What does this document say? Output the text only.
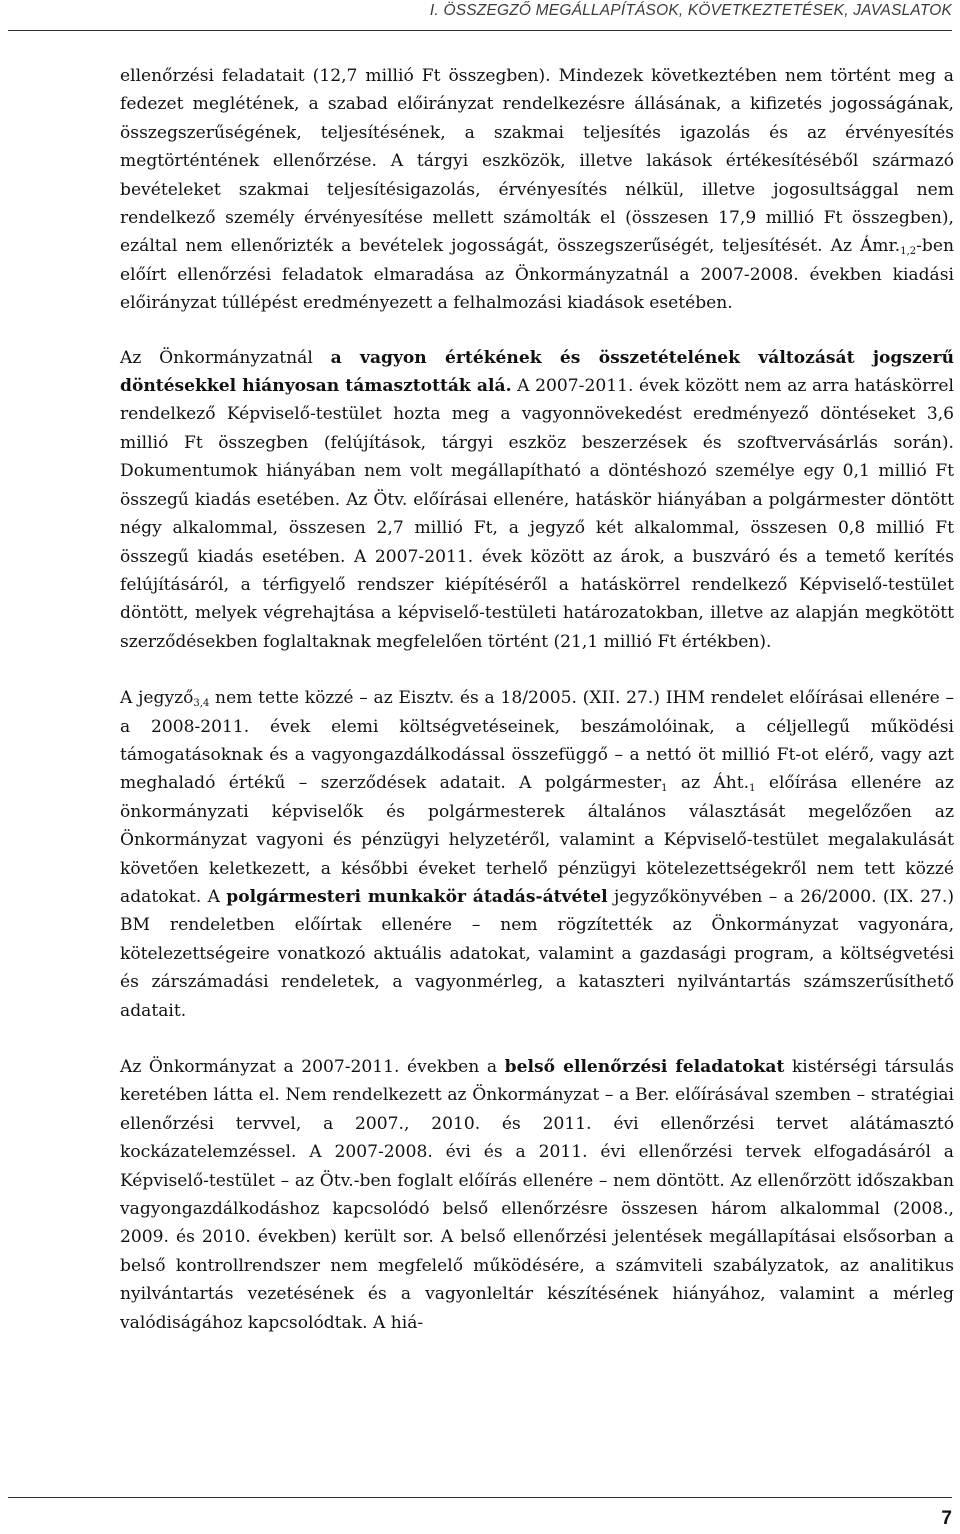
I. ÖSSZEGZŐ MEGÁLLAPÍTÁSOK, KÖVETKEZTETÉSEK, JAVASLATOK

ellenőrzési feladatait (12,7 millió Ft összegben). Mindezek következtében nem történt meg a fedezet meglétének, a szabad előirányzat rendelkezésre állásának, a kifizetés jogosságának, összegszerűségének, teljesítésének, a szakmai teljesítés igazolás és az érvényesítés megtörténtének ellenőrzése. A tárgyi eszközök, illetve lakások értékesítéséből származó bevételeket szakmai teljesítésigazolás, érvényesítés nélkül, illetve jogosultsággal nem rendelkező személy érvényesítése mellett számolták el (összesen 17,9 millió Ft összegben), ezáltal nem ellenőrizték a bevételek jogosságát, összegszerűségét, teljesítését. Az $Ámr._{1,2}$-ben előírt ellenőrzési feladatok elmaradása az Önkormányzatnál a 2007-2008. években kiadási előirányzat túllépést eredményezett a felhalmozási kiadások esetében.

Az Önkormányzatnál a vagyon értékének és összetételének változását jogszerű döntésekkel hiányosan támasztották alá. A 2007-2011. évek között nem az arra hatáskörrel rendelkező Képviselő-testület hozta meg a vagyonnövekedést eredményező döntéseket 3,6 millió Ft összegben (felújítások, tárgyi eszköz beszerzések és szoftvervásárlás során). Dokumentumok hiányában nem volt megállapítható a döntéshozó személye egy 0,1 millió Ft összegű kiadás esetében. Az Ötv. előírásai ellenére, hatáskör hiányában a polgármester döntött négy alkalommal, összesen 2,7 millió Ft, a jegyző két alkalommal, összesen 0,8 millió Ft összegű kiadás esetében. A 2007-2011. évek között az árok, a buszváró és a temető kerítés felújításáról, a térfigyelő rendszer kiépítéséről a hatáskörrel rendelkező Képviselő-testület döntött, melyek végrehajtása a képviselő-testületi határozatokban, illetve az alapján megkötött szerződésekben foglaltaknak megfelelően történt (21,1 millió Ft értékben).

A jegyző$_{3,4}$ nem tette közzé – az Eisztv. és a 18/2005. (XII. 27.) IHM rendelet előírásai ellenére – a 2008-2011. évek elemi költségvetéseinek, beszámolóinak, a céljellegű működési támogatásoknak és a vagyongazdálkodással összefüggő – a nettó öt millió Ft-ot elérő, vagy azt meghaladó értékű – szerződések adatait. A polgármester$_1$ az $Áht._1$ előírása ellenére az önkormányzati képviselők és polgármesterek általános választását megelőzően az Önkormányzat vagyoni és pénzügyi helyzetéről, valamint a Képviselő-testület megalakulását követően keletkezett, a későbbi éveket terhelő pénzügyi kötelezettségekről nem tett közzé adatokat. A polgármesteri munkakör átadás-átvétel jegyzőkönyvében – a 26/2000. (IX. 27.) BM rendeletben előírtak ellenére – nem rögzítették az Önkormányzat vagyonára, kötelezettségeire vonatkozó aktuális adatokat, valamint a gazdasági program, a költségvetési és zárszámadási rendeletek, a vagyonmérleg, a kataszteri nyilvántartás számszerűsíthető adatait.

Az Önkormányzat a 2007-2011. években a belső ellenőrzési feladatokat kistérségi társulás keretében látta el. Nem rendelkezett az Önkormányzat – a Ber. előírásával szemben – stratégiai ellenőrzési tervvel, a 2007., 2010. és 2011. évi ellenőrzési tervet alátámasztó kockázatelemzéssel. A 2007-2008. évi és a 2011. évi ellenőrzési tervek elfogadásáról a Képviselő-testület – az Ötv.-ben foglalt előírás ellenére – nem döntött. Az ellenőrzött időszakban vagyongazdálkodáshoz kapcsolódó belső ellenőrzésre összesen három alkalommal (2008., 2009. és 2010. években) került sor. A belső ellenőrzési jelentések megállapításai elsősorban a belső kontrollrendszer nem megfelelő működésére, a számviteli szabályzatok, az analitikus nyilvántartás vezetésének és a vagyonleltár készítésének hiányához, valamint a mérleg valódiságához kapcsolódtak. A hiá-

7
